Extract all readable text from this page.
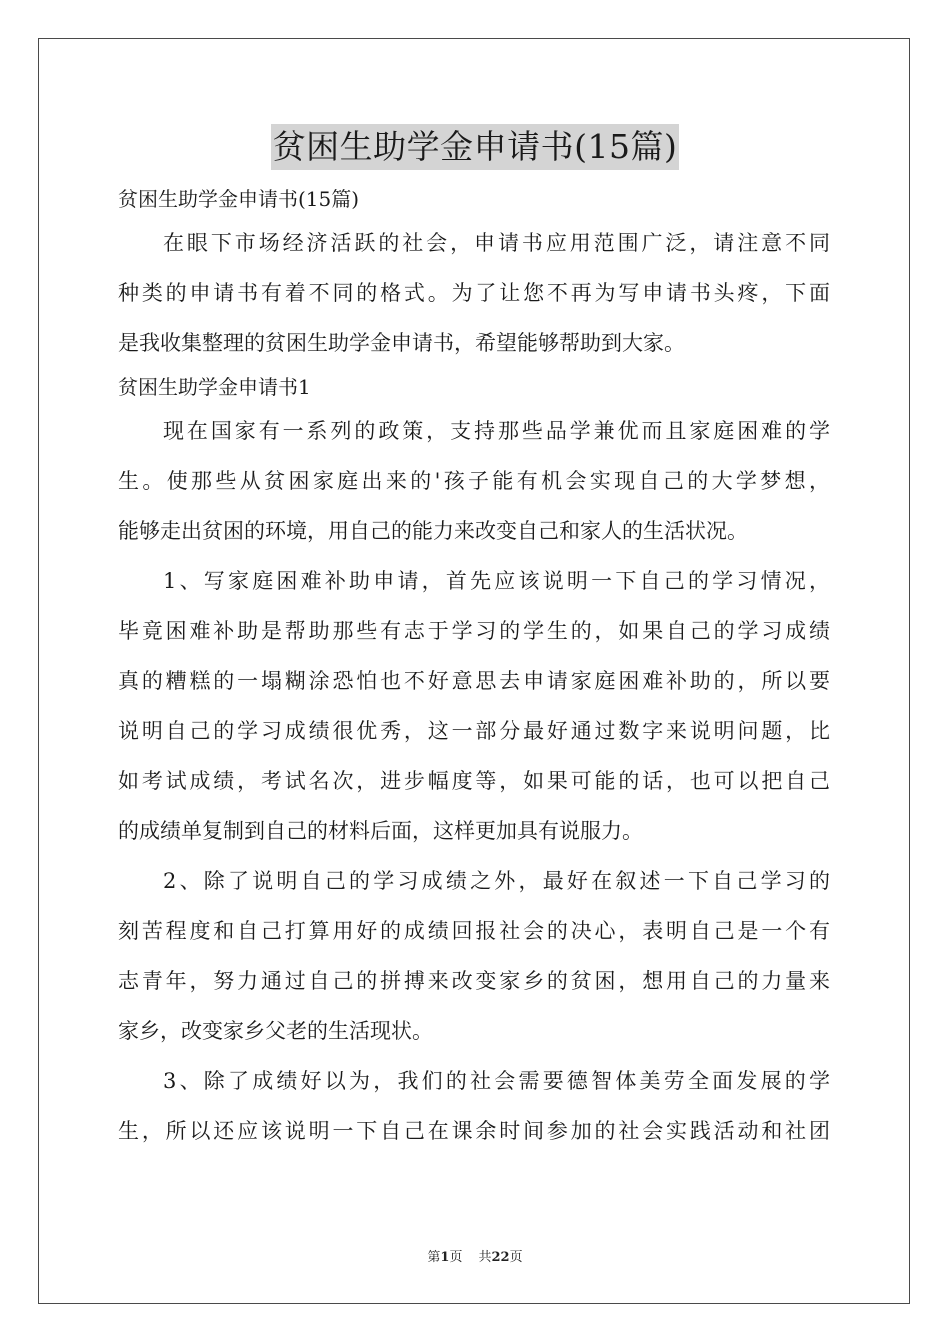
贫困生助学金申请书(15篇)
贫困生助学金申请书(15篇)
在眼下市场经济活跃的社会，申请书应用范围广泛，请注意不同
种类的申请书有着不同的格式。为了让您不再为写申请书头疼，下面
是我收集整理的贫困生助学金申请书，希望能够帮助到大家。
贫困生助学金申请书1
现在国家有一系列的政策，支持那些品学兼优而且家庭困难的学
生。使那些从贫困家庭出来的'孩子能有机会实现自己的大学梦想，
能够走出贫困的环境，用自己的能力来改变自己和家人的生活状况。
1、写家庭困难补助申请，首先应该说明一下自己的学习情况，
毕竟困难补助是帮助那些有志于学习的学生的，如果自己的学习成绩
真的糟糕的一塌糊涂恐怕也不好意思去申请家庭困难补助的，所以要
说明自己的学习成绩很优秀，这一部分最好通过数字来说明问题，比
如考试成绩，考试名次，进步幅度等，如果可能的话，也可以把自己
的成绩单复制到自己的材料后面，这样更加具有说服力。
2、除了说明自己的学习成绩之外，最好在叙述一下自己学习的
刻苦程度和自己打算用好的成绩回报社会的决心，表明自己是一个有
志青年，努力通过自己的拼搏来改变家乡的贫困，想用自己的力量来
家乡，改变家乡父老的生活现状。
3、除了成绩好以为，我们的社会需要德智体美劳全面发展的学
生，所以还应该说明一下自己在课余时间参加的社会实践活动和社团
第1页 共22页
